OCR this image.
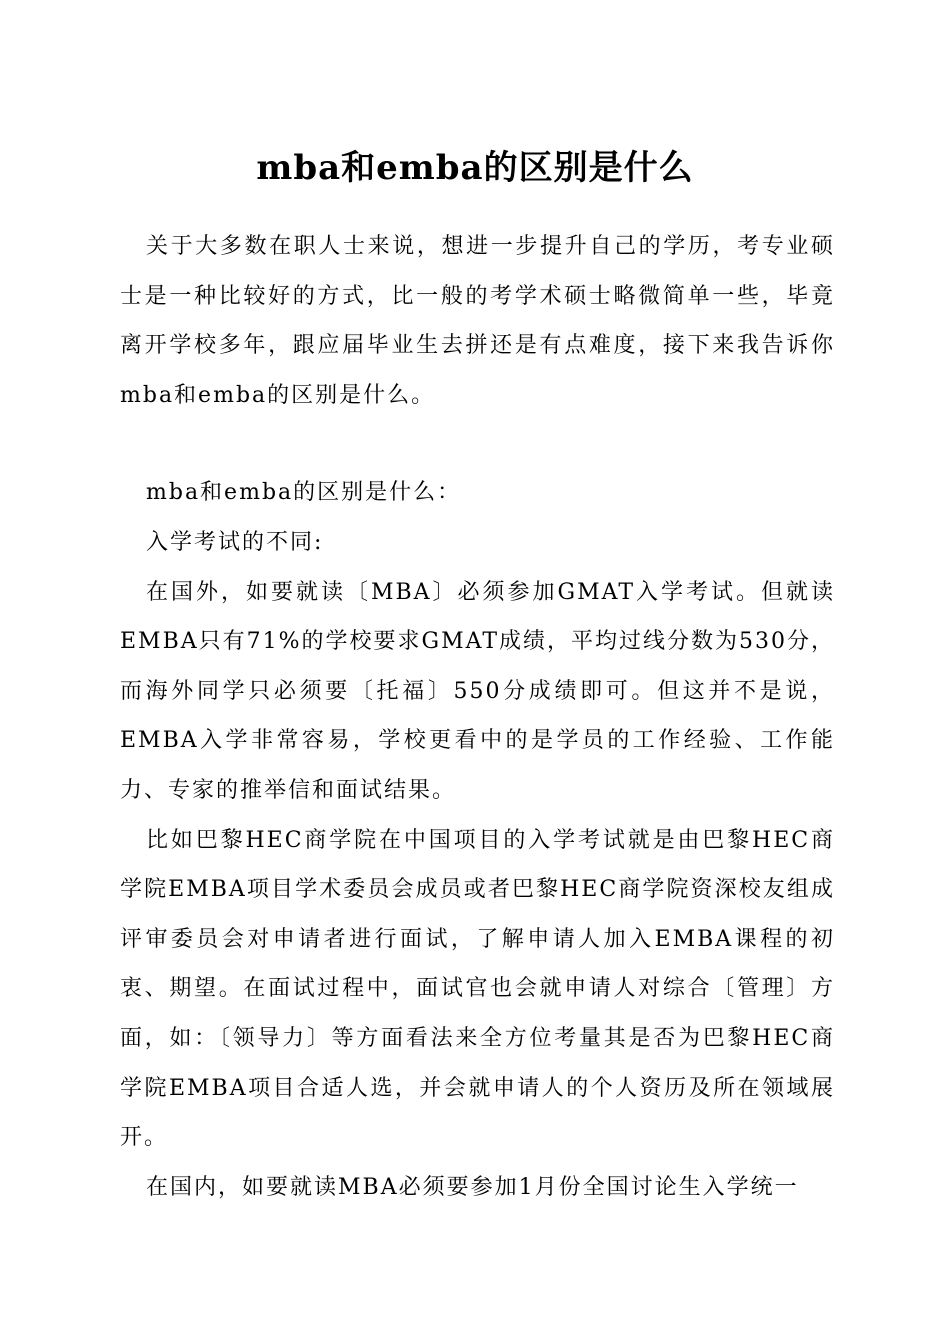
mba和emba的区别是什么

关于大多数在职人士来说，想进一步提升自己的学历，考专业硕士是一种比较好的方式，比一般的考学术硕士略微简单一些，毕竟离开学校多年，跟应届毕业生去拼还是有点难度，接下来我告诉你mba和emba的区别是什么。

mba和emba的区别是什么：

入学考试的不同:

在国外，如要就读〔MBA〕必须参加GMAT入学考试。但就读EMBA只有71%的学校要求GMAT成绩，平均过线分数为530分，而海外同学只必须要〔托福〕550分成绩即可。但这并不是说，EMBA入学非常容易，学校更看中的是学员的工作经验、工作能力、专家的推举信和面试结果。

比如巴黎HEC商学院在中国项目的入学考试就是由巴黎HEC商学院EMBA项目学术委员会成员或者巴黎HEC商学院资深校友组成评审委员会对申请者进行面试，了解申请人加入EMBA课程的初衷、期望。在面试过程中，面试官也会就申请人对综合〔管理〕方面，如：〔领导力〕等方面看法来全方位考量其是否为巴黎HEC商学院EMBA项目合适人选，并会就申请人的个人资历及所在领域展开。

在国内，如要就读MBA必须要参加1月份全国讨论生入学统一
